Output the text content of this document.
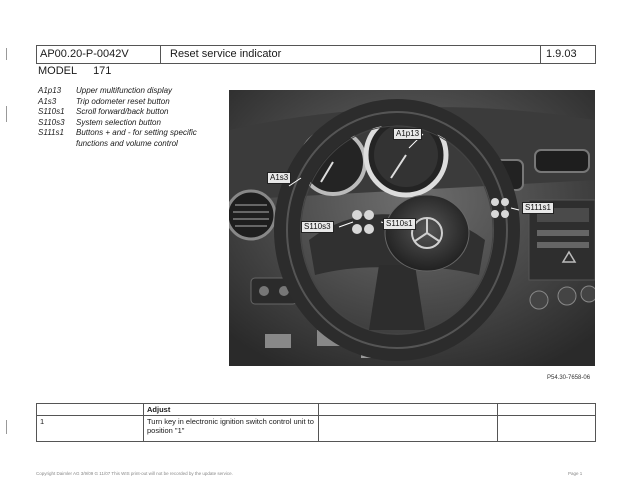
AP00.20-P-0042V	Reset service indicator	1.9.03
MODEL 171
A1p13	Upper multifunction display
A1s3	Trip odometer reset button
S110s1	Scroll forward/back button
S110s3	System selection button
S111s1	Buttons + and - for setting specific functions and volume control
A1p13
A1s3
S110s3	S110s1
S111s1
P54.30-7658-06
	Adjust		
1	Turn key in electronic ignition switch control unit to position "1"		
Copyright Daimler AG 3/9/09 G 11/07 This WIS print-out will not be recorded by the update service.	Page 1
